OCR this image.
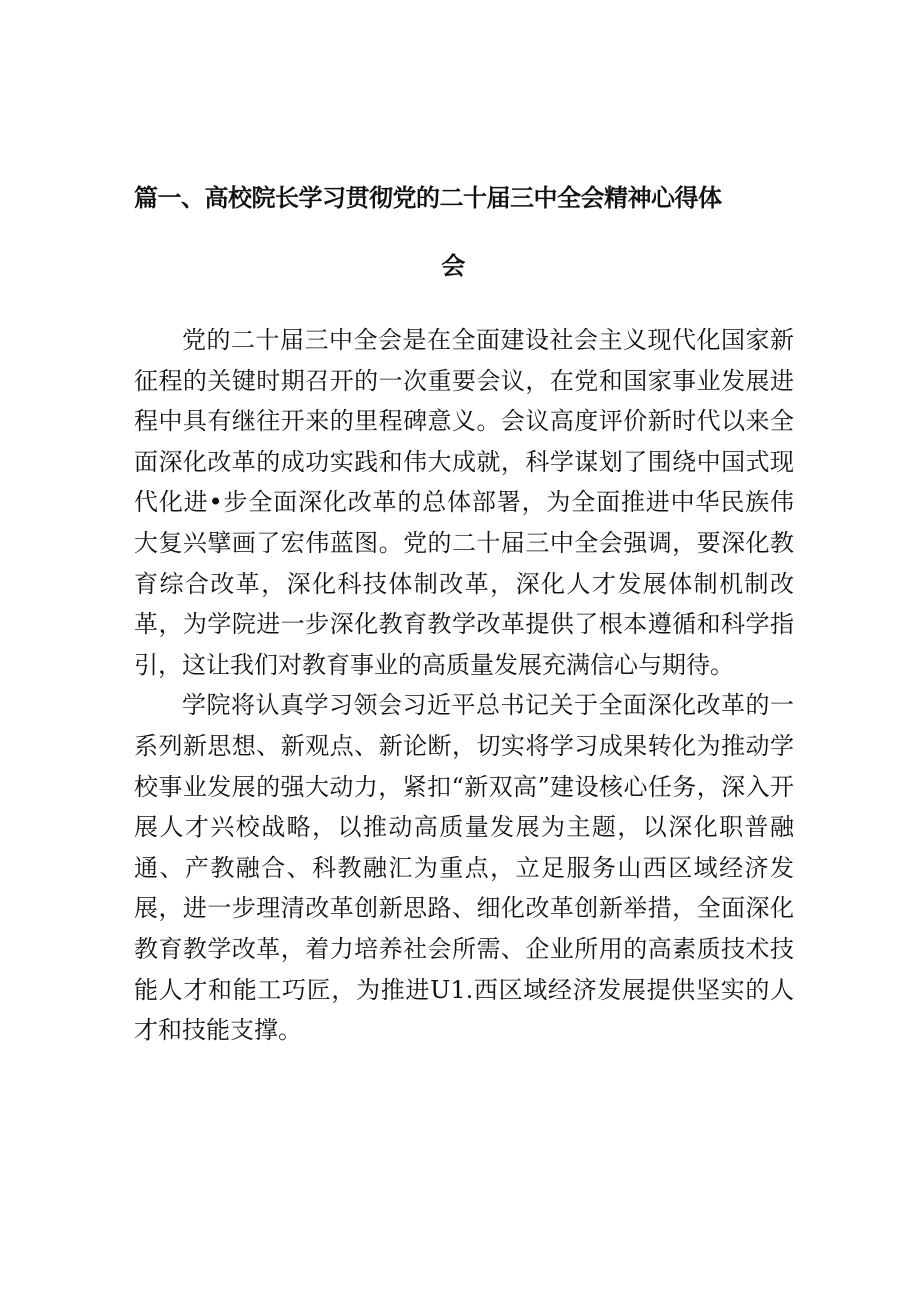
篇一、高校院长学习贯彻党的二十届三中全会精神心得体
会

党的二十届三中全会是在全面建设社会主义现代化国家新征程的关键时期召开的一次重要会议，在党和国家事业发展进程中具有继往开来的里程碑意义。会议高度评价新时代以来全面深化改革的成功实践和伟大成就，科学谋划了围绕中国式现代化进•步全面深化改革的总体部署，为全面推进中华民族伟大复兴擘画了宏伟蓝图。党的二十届三中全会强调，要深化教育综合改革，深化科技体制改革，深化人才发展体制机制改革，为学院进一步深化教育教学改革提供了根本遵循和科学指引，这让我们对教育事业的高质量发展充满信心与期待。

学院将认真学习领会习近平总书记关于全面深化改革的一系列新思想、新观点、新论断，切实将学习成果转化为推动学校事业发展的强大动力，紧扣“新双高”建设核心任务，深入开展人才兴校战略，以推动高质量发展为主题，以深化职普融通、产教融合、科教融汇为重点，立足服务山西区域经济发展，进一步理清改革创新思路、细化改革创新举措，全面深化教育教学改革，着力培养社会所需、企业所用的高素质技术技能人才和能工巧匠，为推进U1.西区域经济发展提供坚实的人才和技能支撑。
